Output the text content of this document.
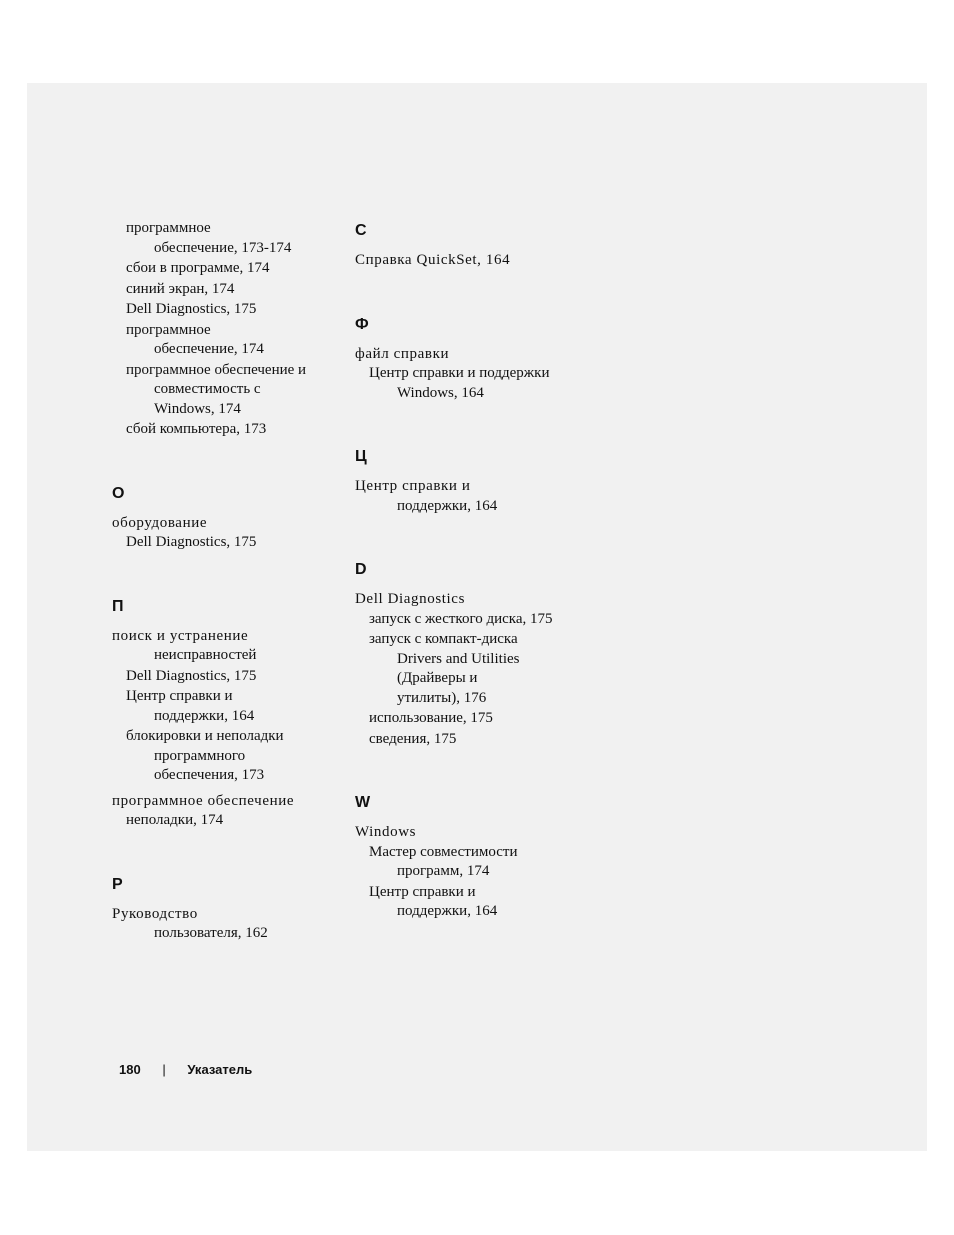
программное
обеспечение, 173-174
сбои в программе, 174
синий экран, 174
Dell Diagnostics, 175
программное
обеспечение, 174
программное обеспечение и
совместимость с
Windows, 174
сбой компьютера, 173
О
оборудование
Dell Diagnostics, 175
П
поиск и устранение
неисправностей
Dell Diagnostics, 175
Центр справки и
поддержки, 164
блокировки и неполадки
программного
обеспечения, 173
программное обеспечение
неполадки, 174
Р
Руководство
пользователя, 162
С
Справка QuickSet, 164
Ф
файл справки
Центр справки и поддержки
Windows, 164
Ц
Центр справки и
поддержки, 164
D
Dell Diagnostics
запуск с жесткого диска, 175
запуск с компакт-диска
Drivers and Utilities
(Драйверы и
утилиты), 176
использование, 175
сведения, 175
W
Windows
Мастер совместимости
программ, 174
Центр справки и
поддержки, 164
180 | Указатель
